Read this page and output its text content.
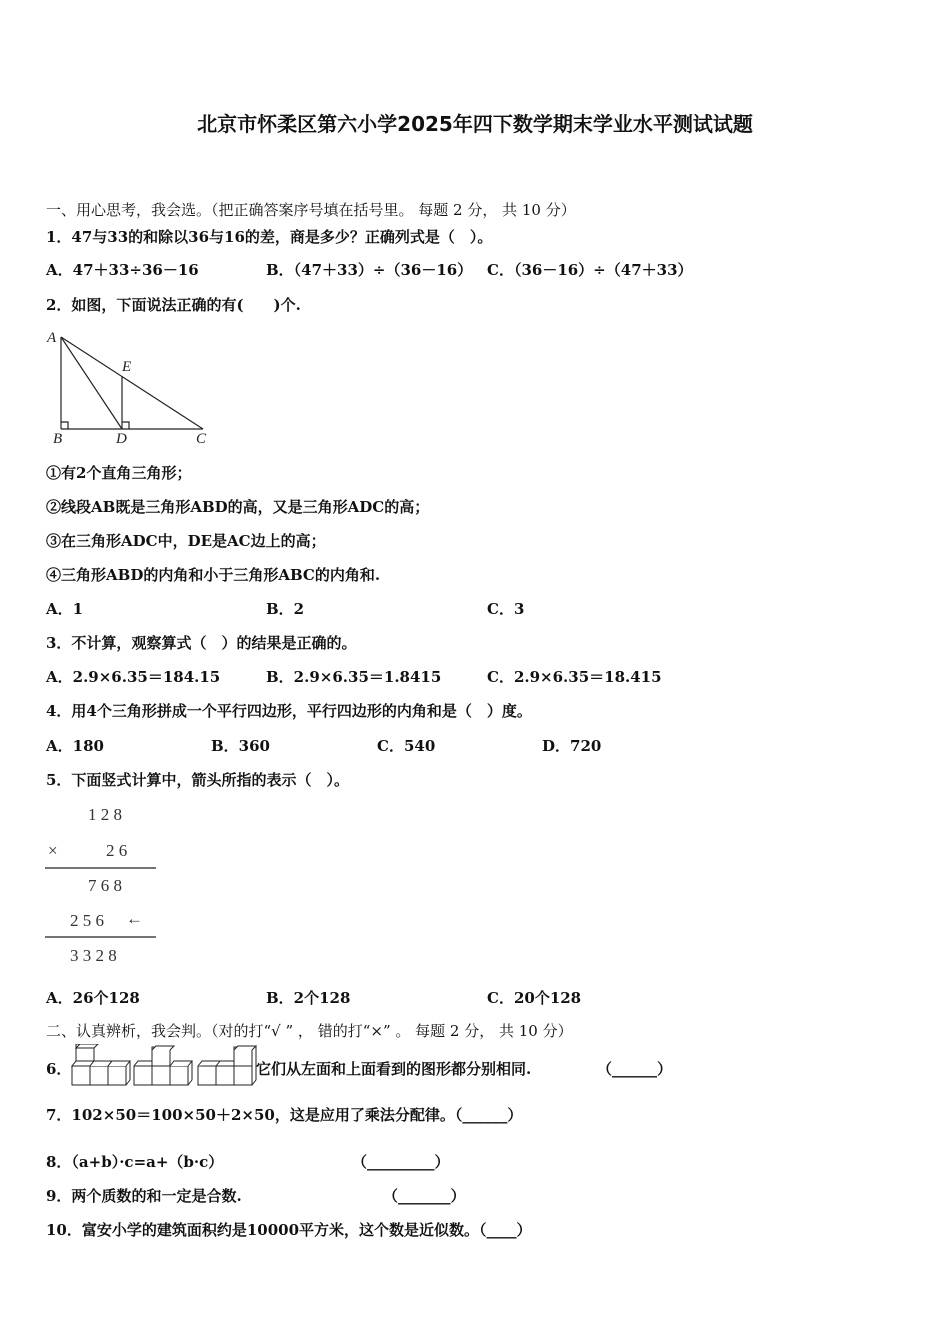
北京市怀柔区第六小学2025年四下数学期末学业水平测试试题
一、用心思考，我会选。（把正确答案序号填在括号里。 每题 2 分， 共 10 分）
1．47与33的和除以36与16的差，商是多少？正确列式是（　）。
A．47＋33÷36－16	B．（47＋33）÷（36－16） C．（36－16）÷（47＋33）
2．如图，下面说法正确的有(　　)个.
A
E
B	D	C
①有2个直角三角形；
②线段AB既是三角形ABD的高，又是三角形ADC的高；
③在三角形ADC中，DE是AC边上的高；
④三角形ABD的内角和小于三角形ABC的内角和.
A．1	B．2	C．3
3．不计算，观察算式（　）的结果是正确的。
A．2.9×6.35＝184.15	B．2.9×6.35＝1.8415	C．2.9×6.35＝18.415
4．用4个三角形拼成一个平行四边形，平行四边形的内角和是（　）度。
A．180	B．360	C．540	D．720
5．下面竖式计算中，箭头所指的表示（　）。
1 2 8
×	2 6
7 6 8
2 5 6 ←
3 3 2 8
A．26个128	B．2个128	C．20个128
二、认真辨析，我会判。（对的打“√ ” ， 错的打“×” 。 每题 2 分， 共 10 分）
6．	它们从左面和上面看到的图形都分别相同.	（______）
7．102×50＝100×50＋2×50，这是应用了乘法分配律。（______）
8．（a+b）·c=a+（b·c）	（_________）
9．两个质数的和一定是合数.	（_______）
10．富安小学的建筑面积约是10000平方米，这个数是近似数。（____）
